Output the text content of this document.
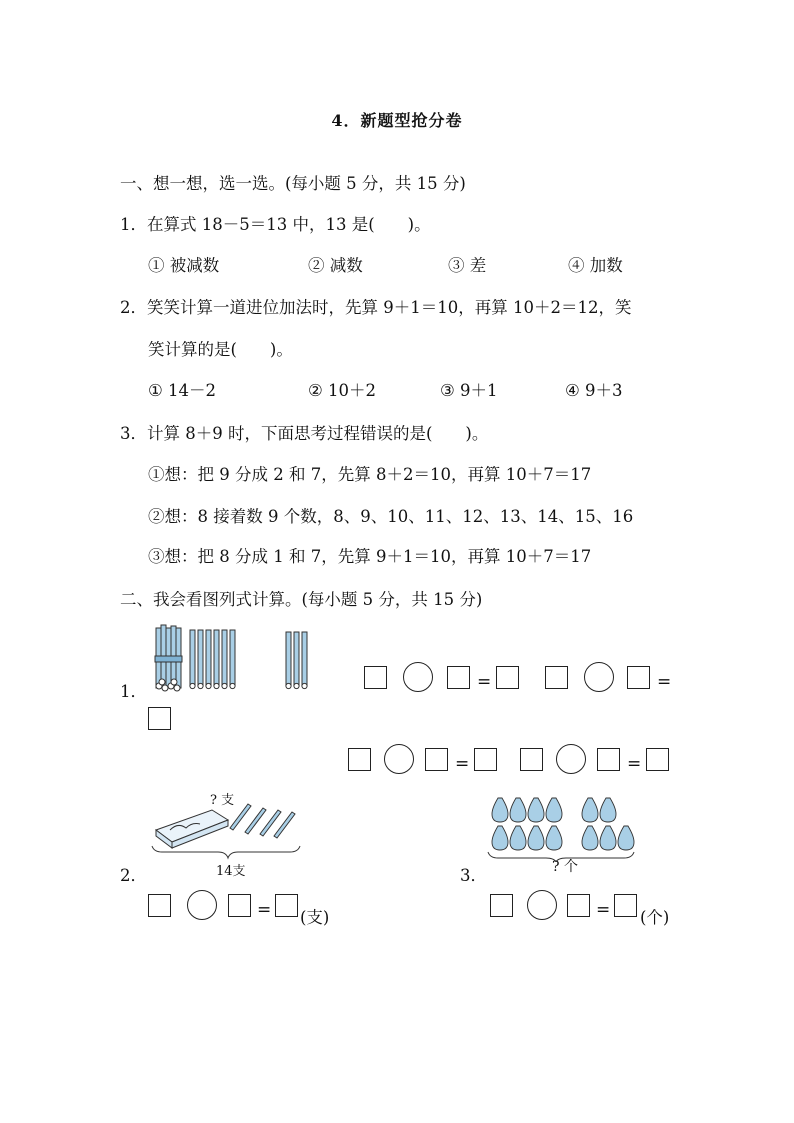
4．新题型抢分卷
一、想一想，选一选。(每小题 5 分，共 15 分)
1．在算式 18－5＝13 中，13 是(　　)。
① 被减数	② 减数	③ 差	④ 加数
2．笑笑计算一道进位加法时，先算 9＋1＝10，再算 10＋2＝12，笑
笑计算的是(　　)。
① 14－2	② 10＋2	③ 9＋1	④ 9＋3
3．计算 8＋9 时，下面思考过程错误的是(　　)。
①想：把 9 分成 2 和 7，先算 8＋2＝10，再算 10＋7＝17
②想：8 接着数 9 个数，8、9、10、11、12、13、14、15、16
③想：把 8 分成 1 和 7，先算 9＋1＝10，再算 10＋7＝17
二、我会看图列式计算。(每小题 5 分，共 15 分)
1．	=	=
=	=
? 支
14支
2．
= (支)
? 个
3．
= (个)
